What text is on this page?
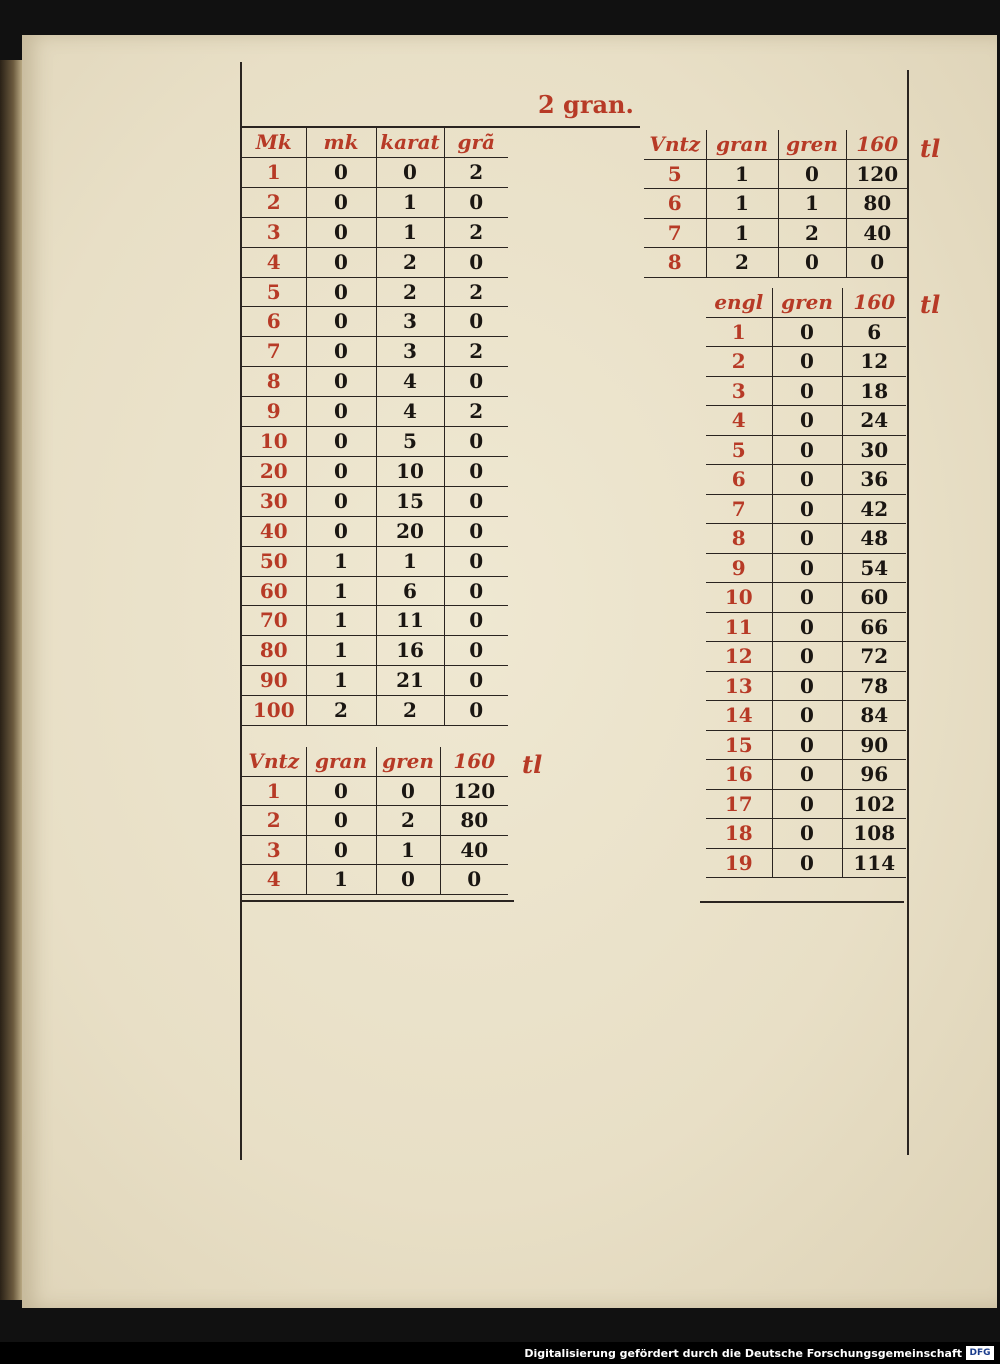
2 gran.
Mk	mk	karat	grã
1	0	0	2
2	0	1	0
3	0	1	2
4	0	2	0
5	0	2	2
6	0	3	0
7	0	3	2
8	0	4	0
9	0	4	2
10	0	5	0
20	0	10	0
30	0	15	0
40	0	20	0
50	1	1	0
60	1	6	0
70	1	11	0
80	1	16	0
90	1	21	0
100	2	2	0
Vntz	gran	gren	160
1	0	0	120
2	0	2	80
3	0	1	40
4	1	0	0
tl
Vntz	gran	gren	160
5	1	0	120
6	1	1	80
7	1	2	40
8	2	0	0
tl
engl	gren	160
1	0	6
2	0	12
3	0	18
4	0	24
5	0	30
6	0	36
7	0	42
8	0	48
9	0	54
10	0	60
11	0	66
12	0	72
13	0	78
14	0	84
15	0	90
16	0	96
17	0	102
18	0	108
19	0	114
tl
Digitalisierung gefördert durch die Deutsche Forschungsgemeinschaft DFG
